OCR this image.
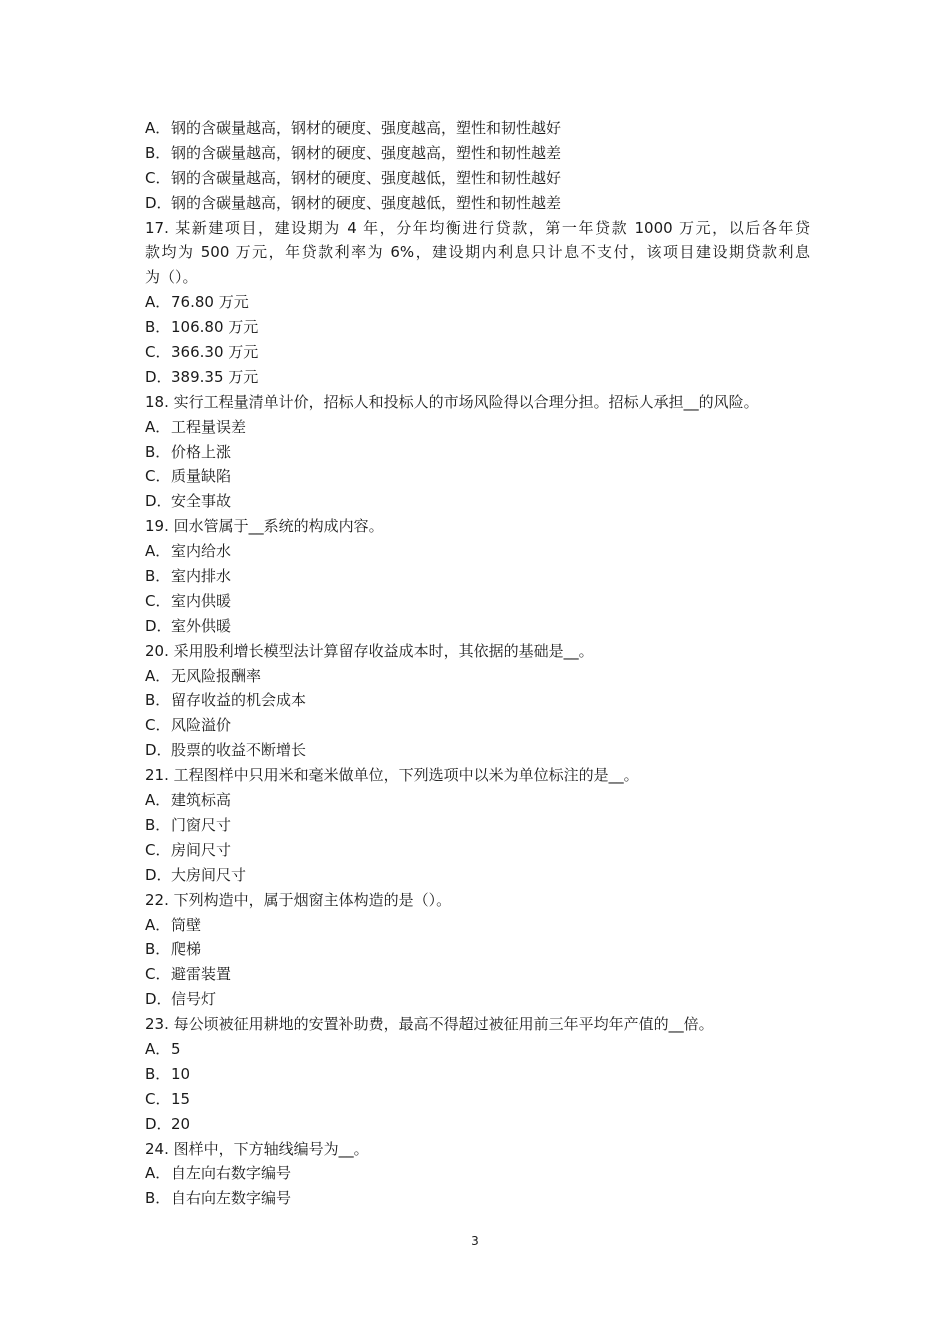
A．钢的含碳量越高，钢材的硬度、强度越高，塑性和韧性越好
B．钢的含碳量越高，钢材的硬度、强度越高，塑性和韧性越差
C．钢的含碳量越高，钢材的硬度、强度越低，塑性和韧性越好
D．钢的含碳量越高，钢材的硬度、强度越低，塑性和韧性越差
17. 某新建项目，建设期为 4 年，分年均衡进行贷款，第一年贷款 1000 万元，以后各年贷
款均为 500 万元，年贷款利率为 6%，建设期内利息只计息不支付，该项目建设期贷款利息
为（）。
A．76.80 万元
B．106.80 万元
C．366.30 万元
D．389.35 万元
18. 实行工程量清单计价，招标人和投标人的市场风险得以合理分担。招标人承担__的风险。
A．工程量误差
B．价格上涨
C．质量缺陷
D．安全事故
19. 回水管属于__系统的构成内容。
A．室内给水
B．室内排水
C．室内供暖
D．室外供暖
20. 采用股利增长模型法计算留存收益成本时，其依据的基础是__。
A．无风险报酬率
B．留存收益的机会成本
C．风险溢价
D．股票的收益不断增长
21. 工程图样中只用米和毫米做单位，下列选项中以米为单位标注的是__。
A．建筑标高
B．门窗尺寸
C．房间尺寸
D．大房间尺寸
22. 下列构造中，属于烟窗主体构造的是（）。
A．筒壁
B．爬梯
C．避雷装置
D．信号灯
23. 每公顷被征用耕地的安置补助费，最高不得超过被征用前三年平均年产值的__倍。
A．5
B．10
C．15
D．20
24. 图样中，下方轴线编号为__。
A．自左向右数字编号
B．自右向左数字编号
3
